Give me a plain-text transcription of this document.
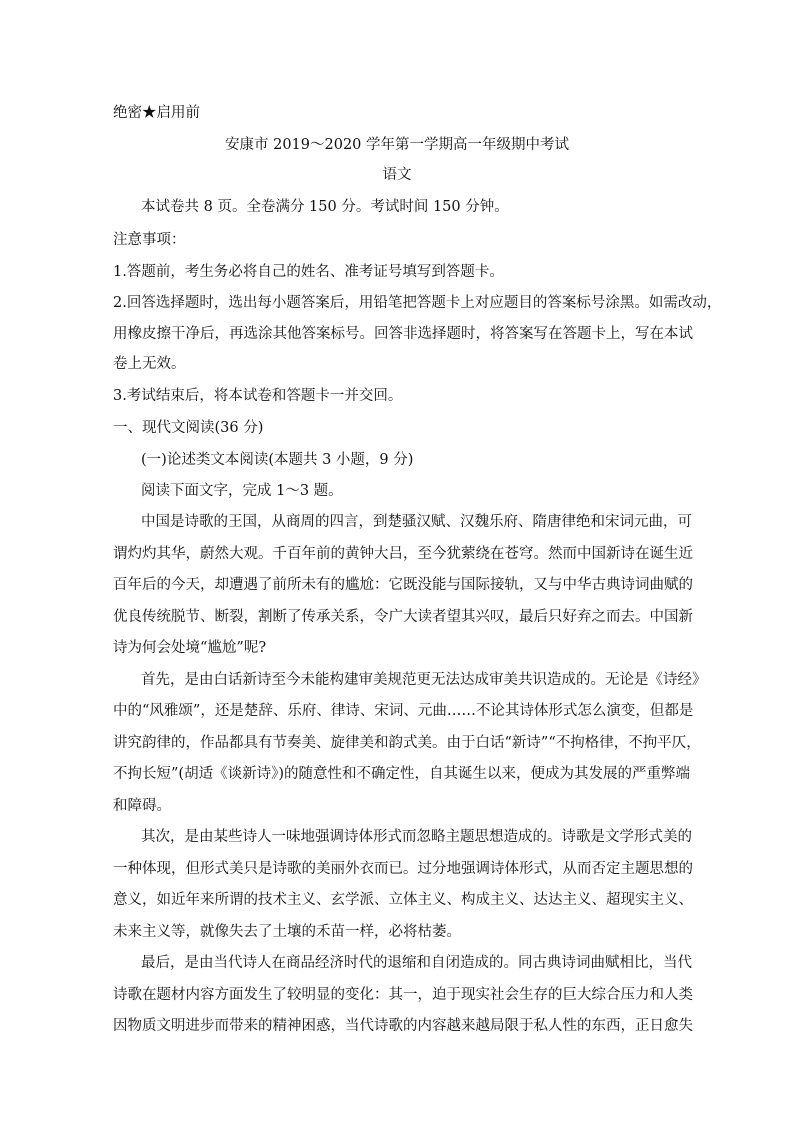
绝密★启用前
安康市 2019～2020 学年第一学期高一年级期中考试
语文
本试卷共 8 页。全卷满分 150 分。考试时间 150 分钟。
注意事项：
1.答题前，考生务必将自己的姓名、准考证号填写到答题卡。
2.回答选择题时，选出每小题答案后，用铅笔把答题卡上对应题目的答案标号涂黑。如需改动，
用橡皮擦干净后，再选涂其他答案标号。回答非选择题时，将答案写在答题卡上，写在本试
卷上无效。
3.考试结束后，将本试卷和答题卡一并交回。
一、现代文阅读(36 分)
(一)论述类文本阅读(本题共 3 小题，9 分)
阅读下面文字，完成 1～3 题。
中国是诗歌的王国，从商周的四言，到楚骚汉赋、汉魏乐府、隋唐律绝和宋词元曲，可
谓灼灼其华，蔚然大观。千百年前的黄钟大吕，至今犹萦绕在苍穹。然而中国新诗在诞生近
百年后的今天，却遭遇了前所未有的尴尬：它既没能与国际接轨，又与中华古典诗词曲赋的
优良传统脱节、断裂，割断了传承关系，令广大读者望其兴叹，最后只好弃之而去。中国新
诗为何会处境“尴尬”呢?
首先，是由白话新诗至今未能构建审美规范更无法达成审美共识造成的。无论是《诗经》
中的“风雅颂”，还是楚辞、乐府、律诗、宋词、元曲……不论其诗体形式怎么演变，但都是
讲究韵律的，作品都具有节奏美、旋律美和韵式美。由于白话“新诗”“不拘格律，不拘平仄，
不拘长短”(胡适《谈新诗》)的随意性和不确定性，自其诞生以来，便成为其发展的严重弊端
和障碍。
其次，是由某些诗人一味地强调诗体形式而忽略主题思想造成的。诗歌是文学形式美的
一种体现，但形式美只是诗歌的美丽外衣而已。过分地强调诗体形式，从而否定主题思想的
意义，如近年来所谓的技术主义、玄学派、立体主义、构成主义、达达主义、超现实主义、
未来主义等，就像失去了土壤的禾苗一样，必将枯萎。
最后，是由当代诗人在商品经济时代的退缩和自闭造成的。同古典诗词曲赋相比，当代
诗歌在题材内容方面发生了较明显的变化：其一，迫于现实社会生存的巨大综合压力和人类
因物质文明进步而带来的精神困惑，当代诗歌的内容越来越局限于私人性的东西，正日愈失
